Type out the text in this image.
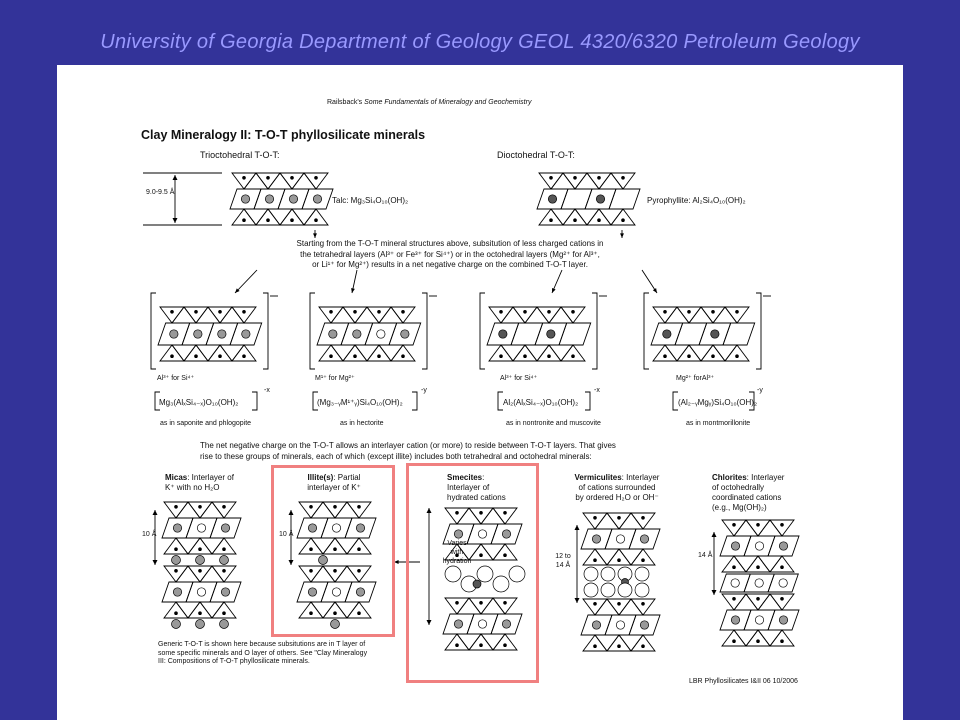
University of Georgia Department of Geology GEOL 4320/6320 Petroleum Geology
Railsback's Some Fundamentals of Mineralogy and Geochemistry
Clay Mineralogy II: T-O-T phyllosilicate minerals
Trioctohedral T-O-T:	Dioctohedral T-O-T:
9.0-9.5 Å
Talc: Mg₃Si₄O₁₀(OH)₂	Pyrophyllite: Al₂Si₄O₁₀(OH)₂
Starting from the T-O-T mineral structures above, subsitution of less charged cations in
the tetrahedral layers (Al³⁺ or Fe³⁺ for Si⁴⁺) or in the octohedral layers (Mg²⁺ for Al³⁺,
or Li¹⁺ for Mg²⁺) results in a net negative charge on the combined T-O-T layer.
Al³⁺ for Si⁴⁺	M¹⁺ for Mg²⁺	Al³⁺ for Si⁴⁺	Mg²⁺ forAl³⁺
Mg₃(AlₓSi₄₋ₓ)O₁₀(OH)₂	(Mg₃₋ᵧM¹⁺ᵧ)Si₄O₁₀(OH)₂	Al₂(AlₓSi₄₋ₓ)O₁₀(OH)₂	(Al₂₋ᵧMgᵧ)Si₄O₁₀(OH)₂
-x	-y	-x	-y
as in saponite and phlogopite	as in hectorite	as in nontronite and muscovite	as in montmorillonite
The net negative charge on the T-O-T allows an interlayer cation (or more) to reside between T-O-T layers. That gives
rise to these groups of minerals, each of which (except illite) includes both tetrahedral and octohedral minerals:
Micas: Interlayer of
K⁺ with no H₂O
Illite(s): Partial
interlayer of K⁺
Smecites:
Interlayer of
hydrated cations
Vermiculites: Interlayer
of cations surrounded
by ordered H₂O or OH⁻
Chlorites: Interlayer
of octohedrally
coordinated cations
(e.g., Mg(OH)₂)
10 Å	10 Å
Varies
with
hydration
12 to
14 Å
14 Å
Generic T-O-T is shown here because subsitutions are in T layer of
some specific minerals and O layer of others. See "Clay Mineralogy
III: Compositions of T-O-T phyllosilicate minerals.
LBR Phyllosilicates I&II 06 10/2006
